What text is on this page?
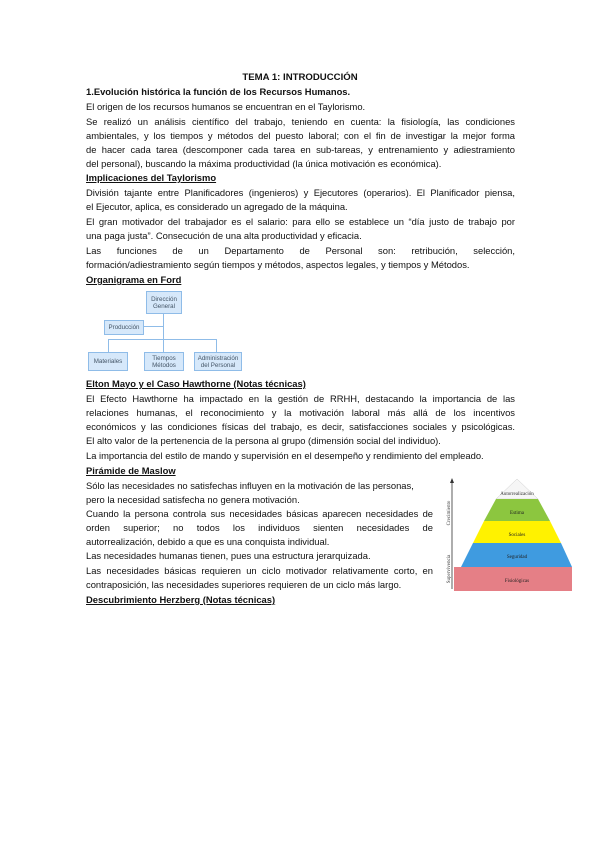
TEMA 1: INTRODUCCIÓN
1.Evolución histórica la función de los Recursos Humanos.
El origen de los recursos humanos se encuentran en el Taylorismo.
Se realizó un análisis científico del trabajo, teniendo en cuenta: la fisiología, las condiciones
ambientales, y los tiempos y métodos del puesto laboral; con el fin de investigar la mejor forma
de hacer cada tarea (descomponer cada tarea en sub-tareas, y entrenamiento y adiestramiento
del personal), buscando la máxima productividad (la única motivación es económica).
Implicaciones del Taylorismo
División tajante entre Planificadores (ingenieros) y Ejecutores (operarios). El Planificador piensa,
el Ejecutor, aplica, es considerado un agregado de la máquina.
El gran motivador del trabajador es el salario: para ello se establece un “día justo de trabajo por
una paga justa”. Consecución de una alta productividad y eficacia.
Las funciones de un Departamento de Personal son: retribución, selección,
formación/adiestramiento según tiempos y métodos, aspectos legales, y tiempos y Métodos.
Organigrama en Ford
Dirección General
Producción
Materiales	Tiempos Métodos
Administración del Personal
Elton Mayo y el Caso Hawthorne (Notas técnicas)
El Efecto Hawthorne ha impactado en la gestión de RRHH, destacando la importancia de las
relaciones humanas, el reconocimiento y la motivación laboral más allá de los incentivos
económicos y las condiciones físicas del trabajo, es decir, satisfacciones sociales y psicológicas.
El alto valor de la pertenencia de la persona al grupo (dimensión social del individuo).
La importancia del estilo de mando y supervisión en el desempeño y rendimiento del empleado.
Pirámide de Maslow
Sólo las necesidades no satisfechas influyen en la motivación de las personas,
pero la necesidad satisfecha no genera motivación.
Cuando la persona controla sus necesidades básicas aparecen necesidades de
orden superior; no todos los individuos sienten necesidades de
autorrealización, debido a que es una conquista individual.
Las necesidades humanas tienen, pues una estructura jerarquizada.
Las necesidades básicas requieren un ciclo motivador relativamente corto, en
contraposición, las necesidades superiores requieren de un ciclo más largo.
Crecimiento
Supervivencia
Autorrealización
Estima
Sociales
Seguridad
Fisiológicas
Descubrimiento Herzberg (Notas técnicas)
